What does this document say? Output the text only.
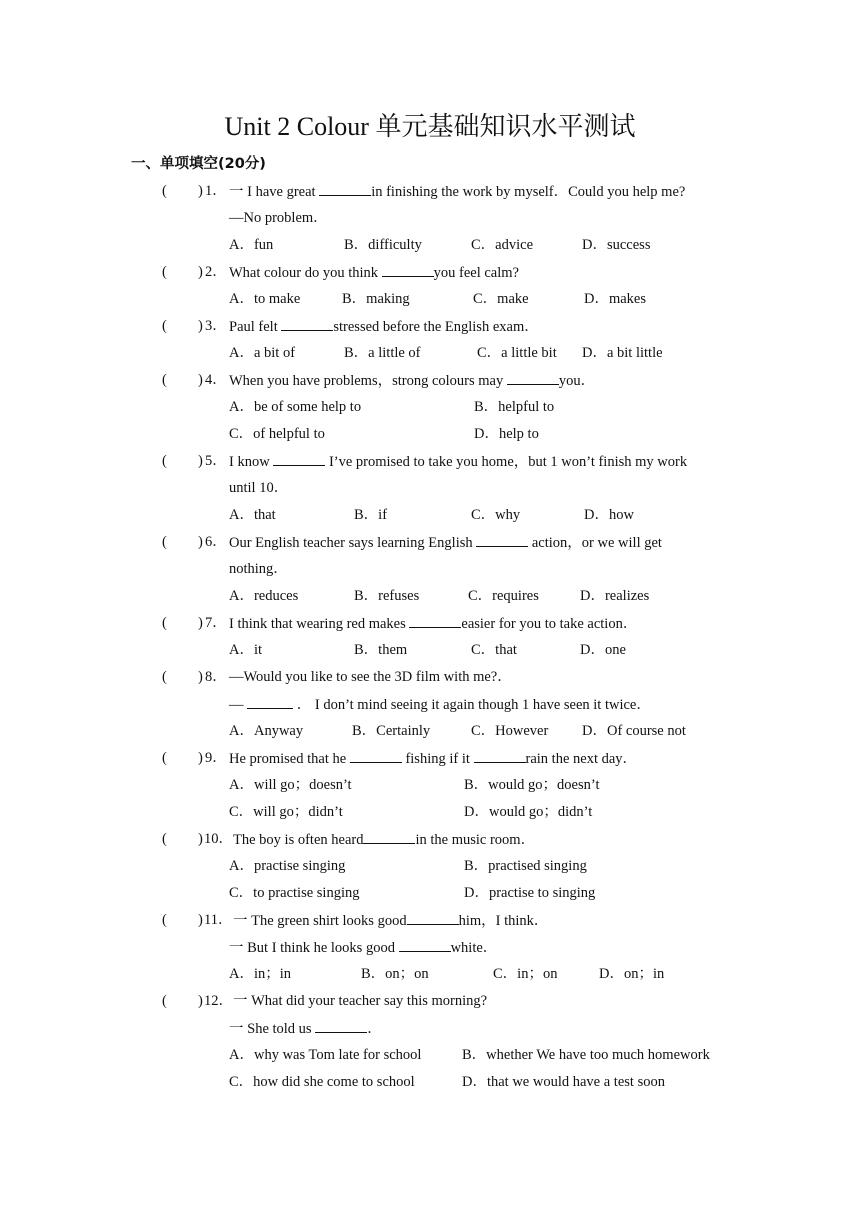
Unit 2 Colour 单元基础知识水平测试
一、单项填空(20分)
( ) 1． 一 I have great	in finishing the work by myself．Could you help me?
—No problem．
A．fun	B．difficulty	C．advice	D．success
( ) 2． What colour do you think	you feel calm?
A．to make	B．making	C．make	D．makes
( ) 3． Paul felt	stressed before the English exam．
A．a bit of	B．a little of	C．a little bit D．a bit little
( ) 4． When you have problems，strong colours may	you．
A．be of some help to	B．helpful to
C．of helpful to	D．help to
( ) 5． I know	I’ve promised to take you home，but 1 won’t finish my work
until 10．
A．that	B．if	C．why	D．how
( ) 6． Our English teacher says learning English	action，or we will get
nothing．
A．reduces	B．refuses	C．requires	D．realizes
( ) 7． I think that wearing red makes	easier for you to take action．
A．it	B．them	C．that	D．one
( ) 8． —Would you like to see the 3D film with me?．
—	． I don’t mind seeing it again though 1 have seen it twice．
A．Anyway	B．Certainly	C．However D．Of course not
( ) 9． He promised that he	fishing if it	rain the next day．
A．will go；doesn’t	B．would go；doesn’t
C．will go；didn’t	D．would go；didn’t
( ) 10． The boy is often heard	in the music room．
A．practise singing	B．practised singing
C．to practise singing	D．practise to singing
( ) 11． 一 The green shirt looks good	him，I think．
一 But I think he looks good	white．
A．in；in	B．on；on	C．in；on	D．on；in
( ) 12． 一 What did your teacher say this morning?
一 She told us	．
A．why was Tom late for school	B．whether We have too much homework
C．how did she come to school	D．that we would have a test soon
